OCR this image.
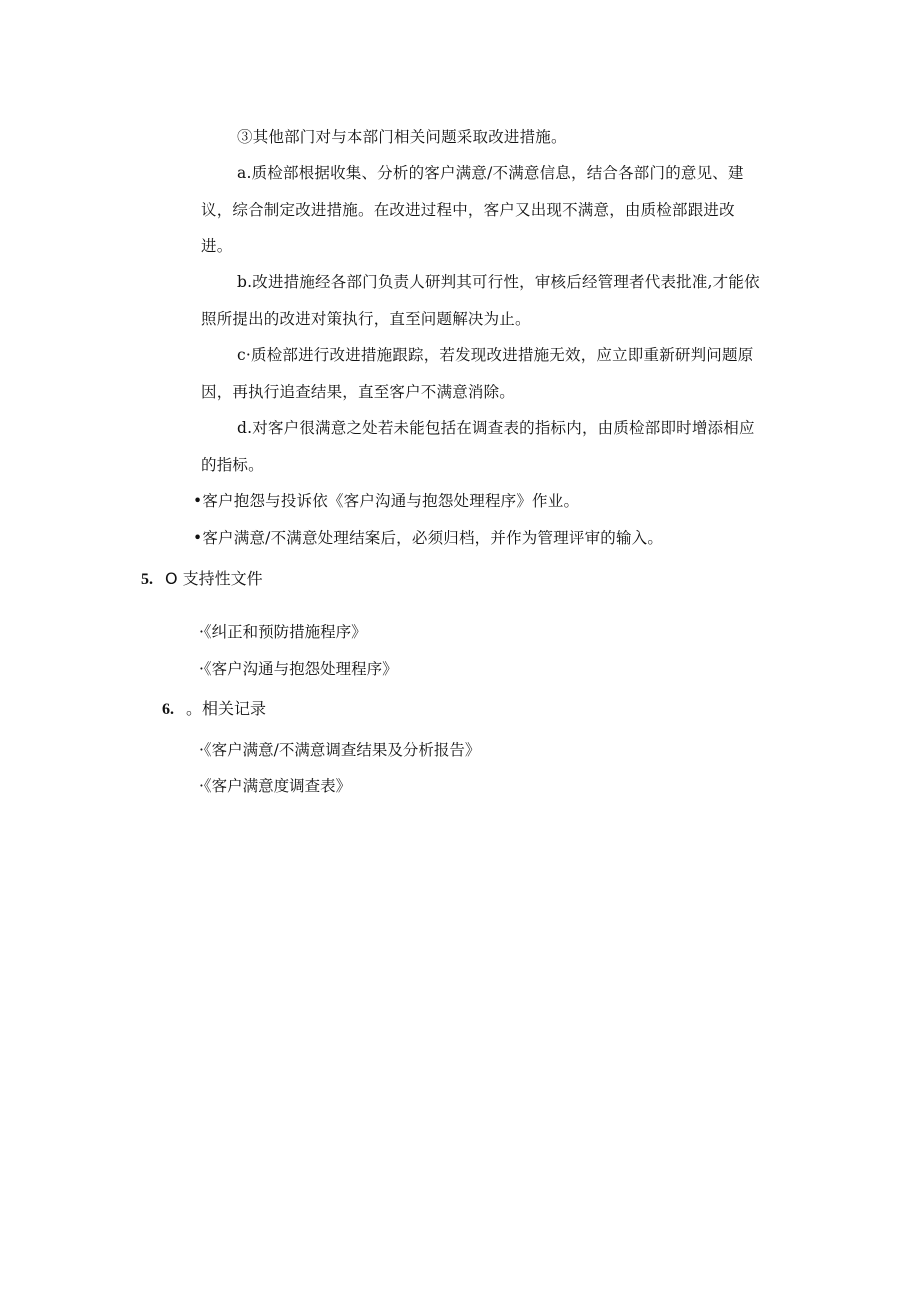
③其他部门对与本部门相关问题采取改进措施。
a.质检部根据收集、分析的客户满意/不满意信息，结合各部门的意见、建
议，综合制定改进措施。在改进过程中，客户又出现不满意，由质检部跟进改
进。
b.改进措施经各部门负责人研判其可行性，审核后经管理者代表批准,才能依
照所提出的改进对策执行，直至问题解决为止。
c·质检部进行改进措施跟踪，若发现改进措施无效，应立即重新研判问题原
因，再执行追查结果，直至客户不满意消除。
d.对客户很满意之处若未能包括在调查表的指标内，由质检部即时增添相应
的指标。
•客户抱怨与投诉依《客户沟通与抱怨处理程序》作业。
•客户满意/不满意处理结案后，必须归档，并作为管理评审的输入。
5. O 支持性文件
·《纠正和预防措施程序》
·《客户沟通与抱怨处理程序》
6. 。相关记录
·《客户满意/不满意调查结果及分析报告》
·《客户满意度调查表》
